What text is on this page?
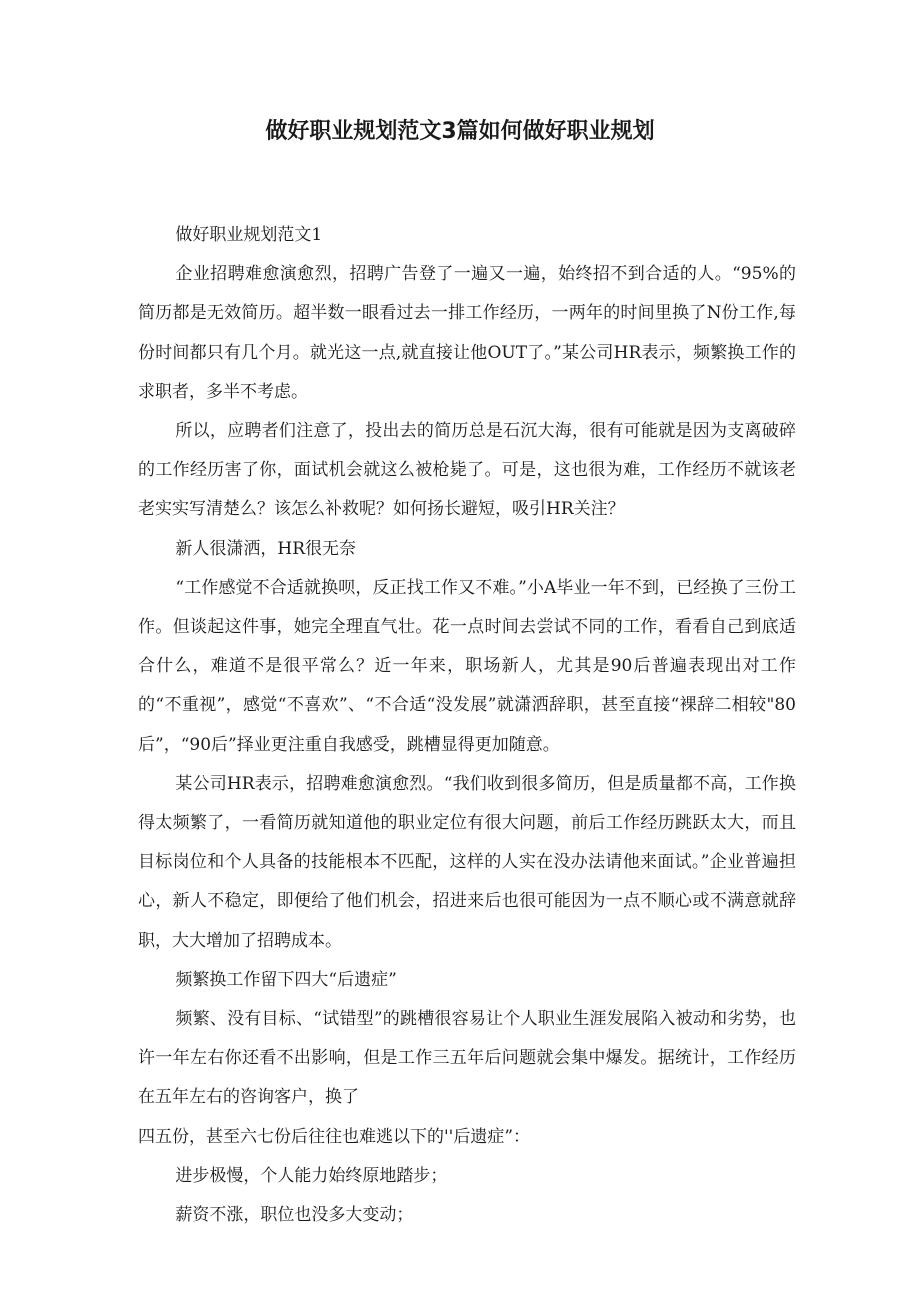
做好职业规划范文3篇如何做好职业规划

做好职业规划范文1

企业招聘难愈演愈烈，招聘广告登了一遍又一遍，始终招不到合适的人。“95%的简历都是无效简历。超半数一眼看过去一排工作经历，一两年的时间里换了N份工作,每份时间都只有几个月。就光这一点,就直接让他OUT了。”某公司HR表示，频繁换工作的求职者，多半不考虑。

所以，应聘者们注意了，投出去的简历总是石沉大海，很有可能就是因为支离破碎的工作经历害了你，面试机会就这么被枪毙了。可是，这也很为难，工作经历不就该老老实实写清楚么？该怎么补救呢？如何扬长避短，吸引HR关注？

新人很潇洒，HR很无奈

“工作感觉不合适就换呗，反正找工作又不难。”小A毕业一年不到，已经换了三份工作。但谈起这件事，她完全理直气壮。花一点时间去尝试不同的工作，看看自己到底适合什么，难道不是很平常么？近一年来，职场新人，尤其是90后普遍表现出对工作的“不重视”，感觉“不喜欢”、“不合适“没发展”就潇洒辞职，甚至直接“裸辞二相较"80后”，“90后”择业更注重自我感受，跳槽显得更加随意。

某公司HR表示，招聘难愈演愈烈。“我们收到很多简历，但是质量都不高，工作换得太频繁了，一看简历就知道他的职业定位有很大问题，前后工作经历跳跃太大，而且目标岗位和个人具备的技能根本不匹配，这样的人实在没办法请他来面试。”企业普遍担心，新人不稳定，即便给了他们机会，招进来后也很可能因为一点不顺心或不满意就辞职，大大增加了招聘成本。

频繁换工作留下四大“后遗症”

频繁、没有目标、“试错型”的跳槽很容易让个人职业生涯发展陷入被动和劣势，也许一年左右你还看不出影响，但是工作三五年后问题就会集中爆发。据统计，工作经历在五年左右的咨询客户，换了

四五份，甚至六七份后往往也难逃以下的''后遗症”：

进步极慢，个人能力始终原地踏步；

薪资不涨，职位也没多大变动；
